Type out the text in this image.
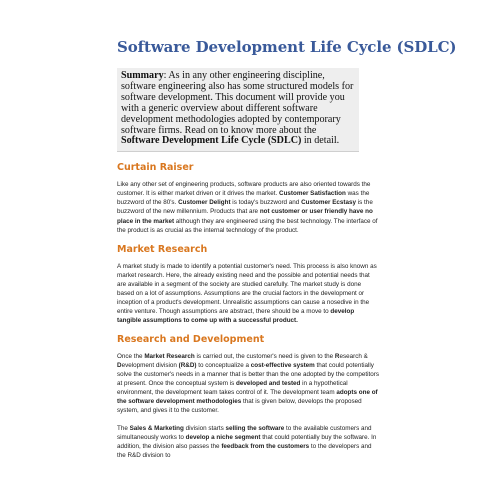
Software Development Life Cycle (SDLC)
Summary: As in any other engineering discipline, software engineering also has some structured models for software development. This document will provide you with a generic overview about different software development methodologies adopted by contemporary software firms. Read on to know more about the Software Development Life Cycle (SDLC) in detail.
Curtain Raiser

Like any other set of engineering products, software products are also oriented towards the customer. It is either market driven or it drives the market. Customer Satisfaction was the buzzword of the 80's. Customer Delight is today's buzzword and Customer Ecstasy is the buzzword of the new millennium. Products that are not customer or user friendly have no place in the market although they are engineered using the best technology. The interface of the product is as crucial as the internal technology of the product.

Market Research

A market study is made to identify a potential customer's need. This process is also known as market research. Here, the already existing need and the possible and potential needs that are available in a segment of the society are studied carefully. The market study is done based on a lot of assumptions. Assumptions are the crucial factors in the development or inception of a product's development. Unrealistic assumptions can cause a nosedive in the entire venture. Though assumptions are abstract, there should be a move to develop tangible assumptions to come up with a successful product.

Research and Development

Once the Market Research is carried out, the customer's need is given to the Research & Development division (R&D) to conceptualize a cost-effective system that could potentially solve the customer's needs in a manner that is better than the one adopted by the competitors at present. Once the conceptual system is developed and tested in a hypothetical environment, the development team takes control of it. The development team adopts one of the software development methodologies that is given below, develops the proposed system, and gives it to the customer.

The Sales & Marketing division starts selling the software to the available customers and simultaneously works to develop a niche segment that could potentially buy the software. In addition, the division also passes the feedback from the customers to the developers and the R&D division to
